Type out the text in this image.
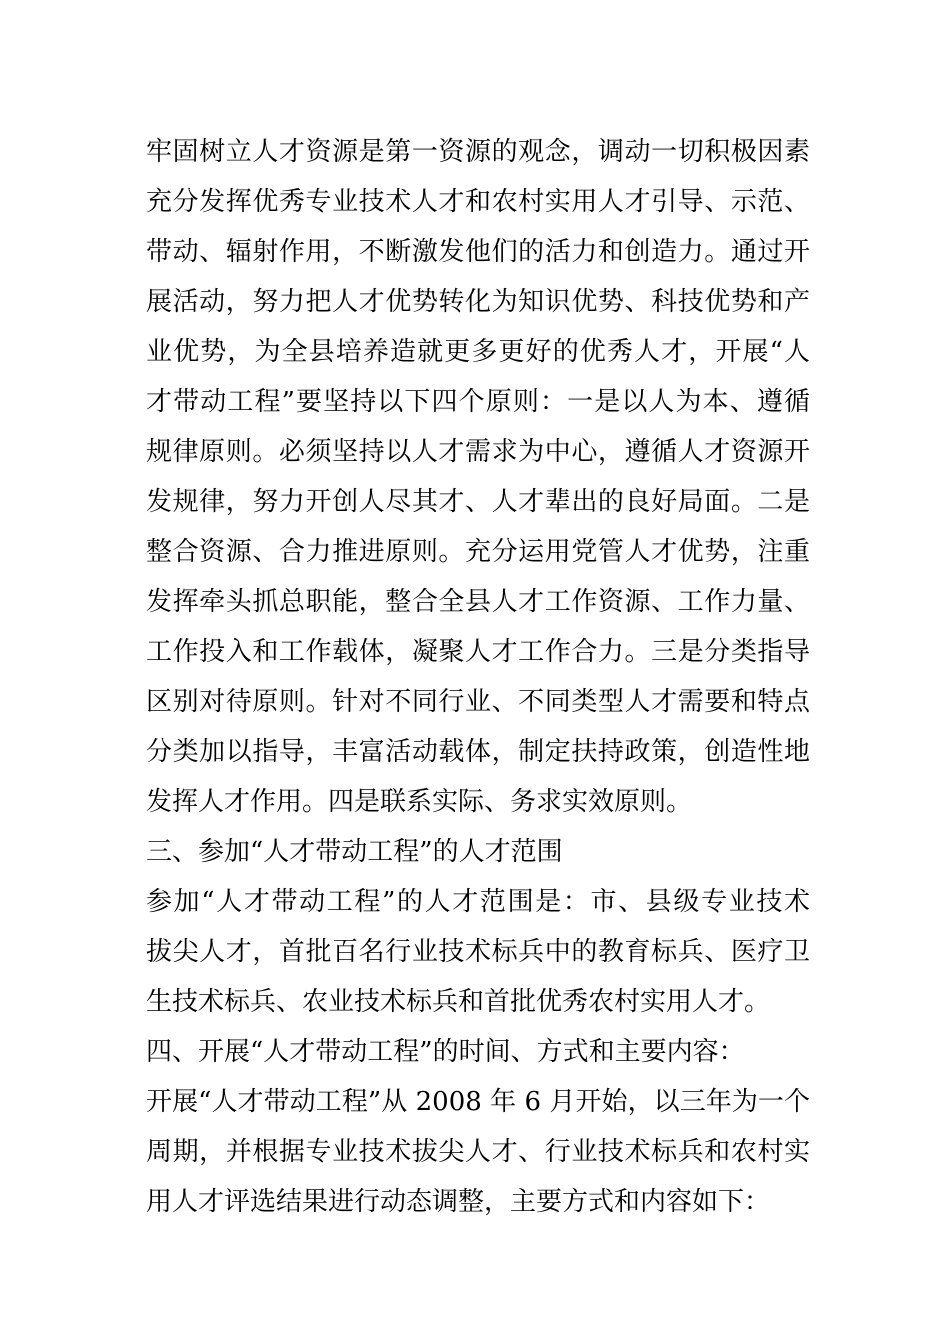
牢固树立人才资源是第一资源的观念，调动一切积极因素
充分发挥优秀专业技术人才和农村实用人才引导、示范、
带动、辐射作用，不断激发他们的活力和创造力。通过开
展活动，努力把人才优势转化为知识优势、科技优势和产
业优势，为全县培养造就更多更好的优秀人才，开展“人
才带动工程”要坚持以下四个原则：一是以人为本、遵循
规律原则。必须坚持以人才需求为中心，遵循人才资源开
发规律，努力开创人尽其才、人才辈出的良好局面。二是
整合资源、合力推进原则。充分运用党管人才优势，注重
发挥牵头抓总职能，整合全县人才工作资源、工作力量、
工作投入和工作载体，凝聚人才工作合力。三是分类指导
区别对待原则。针对不同行业、不同类型人才需要和特点
分类加以指导，丰富活动载体，制定扶持政策，创造性地
发挥人才作用。四是联系实际、务求实效原则。
三、参加“人才带动工程”的人才范围
参加“人才带动工程”的人才范围是：市、县级专业技术
拔尖人才，首批百名行业技术标兵中的教育标兵、医疗卫
生技术标兵、农业技术标兵和首批优秀农村实用人才。
四、开展“人才带动工程”的时间、方式和主要内容：
开展“人才带动工程”从 2008 年 6 月开始，以三年为一个
周期，并根据专业技术拔尖人才、行业技术标兵和农村实
用人才评选结果进行动态调整，主要方式和内容如下：
